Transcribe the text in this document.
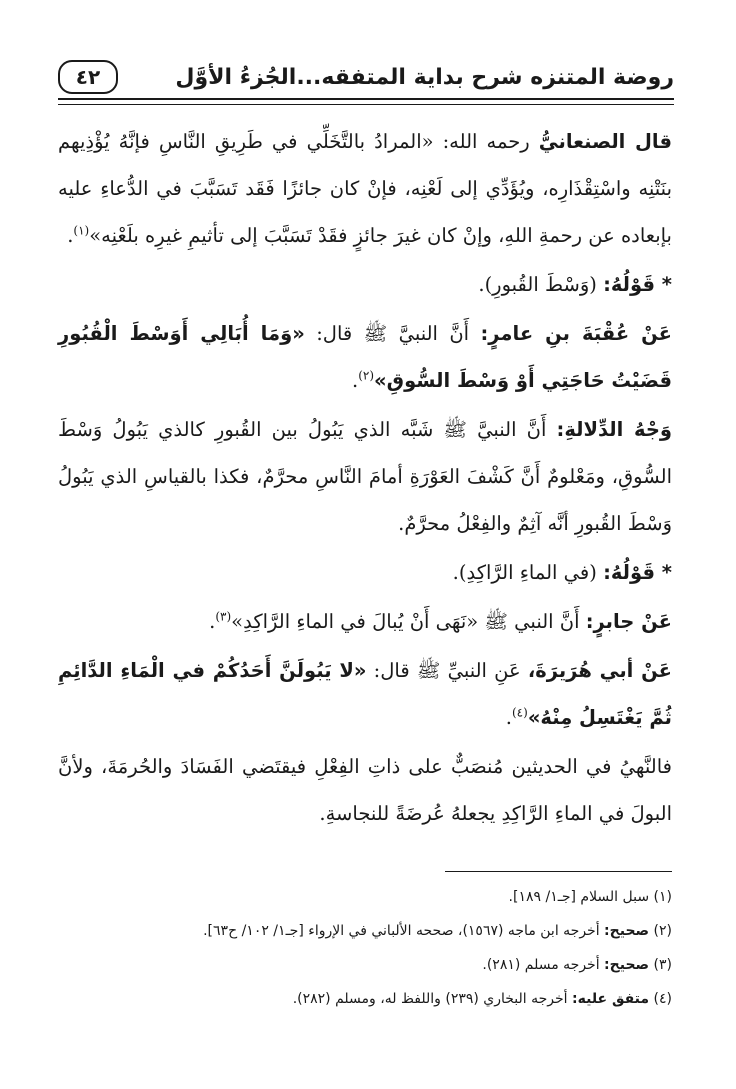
روضة المتنزه شرح بداية المتفقه...الجُزءُ الأوَّل
٤٢

قال الصنعانيُّ رحمه الله: «المرادُ بالتَّخَلِّي في طَرِيقِ النَّاسِ فإنَّهُ يُؤْذِيهم بنَتْنِه واسْتِقْذَارِه، ويُؤَدِّي إلى لَعْنِه، فإنْ كان جائزًا فَقَد تَسَبَّبَ في الدُّعاءِ عليه بإبعاده عن رحمةِ اللهِ، وإنْ كان غيرَ جائزٍ فقَدْ تَسَبَّبَ إلى تأثيمِ غيرِه بلَعْنِه»$^{(١)}$.

* قَوْلُهُ: (وَسْطَ القُبورِ).

عَنْ عُقْبَةَ بنِ عامرٍ: أَنَّ النبيَّ ﷺ قال: «وَمَا أُبَالِي أَوَسْطَ الْقُبُورِ قَضَيْتُ حَاجَتِي أَوْ وَسْطَ السُّوقِ»$^{(٢)}$.

وَجْهُ الدِّلالةِ: أَنَّ النبيَّ ﷺ شَبَّه الذي يَبُولُ بين القُبورِ كالذي يَبُولُ وَسْطَ السُّوقِ، ومَعْلومٌ أَنَّ كَشْفَ العَوْرَةِ أمامَ النَّاسِ محرَّمٌ، فكذا بالقياسِ الذي يَبُولُ وَسْطَ القُبورِ أنَّه آثِمٌ والفِعْلُ محرَّمٌ.

* قَوْلُهُ: (في الماءِ الرَّاكِدِ).

عَنْ جابرٍ: أَنَّ النبي ﷺ «نَهَى أَنْ يُبالَ في الماءِ الرَّاكِدِ»$^{(٣)}$.

عَنْ أبي هُرَيرَةَ، عَنِ النبيِّ ﷺ قال: «لا يَبُولَنَّ أَحَدُكُمْ في الْمَاءِ الدَّائِمِ ثُمَّ يَغْتَسِلُ مِنْهُ»$^{(٤)}$.

فالنَّهيُ في الحديثين مُنصَبٌّ على ذاتِ الفِعْلِ فيقتَضي الفَسَادَ والحُرمَةَ، ولأنَّ البولَ في الماءِ الرَّاكِدِ يجعلهُ عُرضَةً للنجاسةِ.

(١) سبل السلام [جـ١/ ١٨٩].

(٢) صحيح: أخرجه ابن ماجه (١٥٦٧)، صححه الألباني في الإرواء [جـ١/ ١٠٢/ ح٦٣].

(٣) صحيح: أخرجه مسلم (٢٨١).

(٤) متفق عليه: أخرجه البخاري (٢٣٩) واللفظ له، ومسلم (٢٨٢).
